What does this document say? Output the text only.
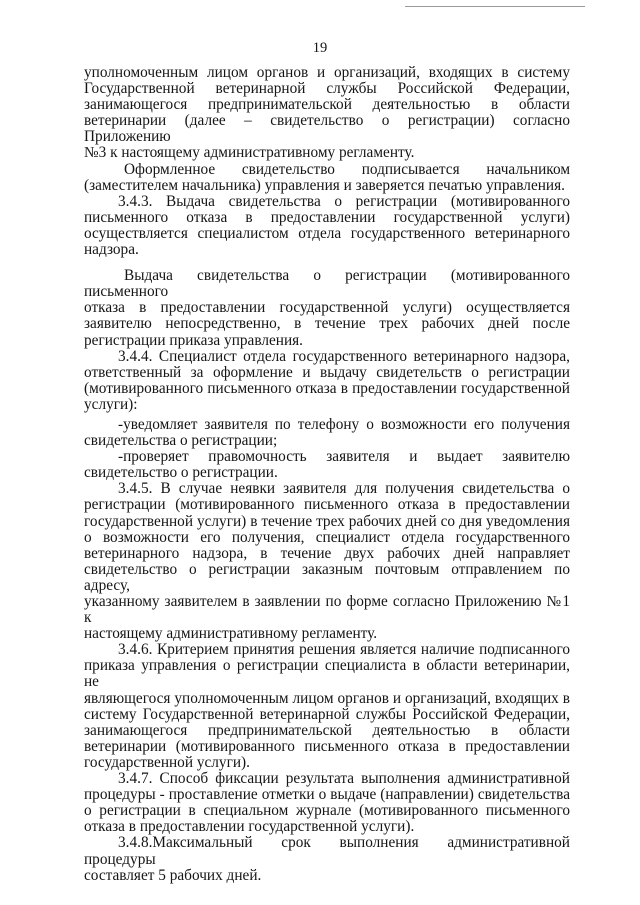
19

уполномоченным лицом органов и организаций, входящих в систему

Государственной ветеринарной службы Российской Федерации,

занимающегося предпринимательской деятельностью в области

ветеринарии (далее – свидетельство о регистрации) согласно Приложению

№3 к настоящему административному регламенту.

Оформленное свидетельство подписывается начальником

(заместителем начальника) управления и заверяется печатью управления.

3.4.3. Выдача свидетельства о регистрации (мотивированного

письменного отказа в предоставлении государственной услуги)

осуществляется специалистом отдела государственного ветеринарного

надзора.

Выдача свидетельства о регистрации (мотивированного письменного

отказа в предоставлении государственной услуги) осуществляется

заявителю непосредственно, в течение трех рабочих дней после

регистрации приказа управления.

3.4.4. Специалист отдела государственного ветеринарного надзора,

ответственный за оформление и выдачу свидетельств о регистрации

(мотивированного письменного отказа в предоставлении государственной

услуги):

-уведомляет заявителя по телефону о возможности его получения

свидетельства о регистрации;

-проверяет правомочность заявителя и выдает заявителю

свидетельство о регистрации.

3.4.5. В случае неявки заявителя для получения свидетельства о

регистрации (мотивированного письменного отказа в предоставлении

государственной услуги) в течение трех рабочих дней со дня уведомления

о возможности его получения, специалист отдела государственного

ветеринарного надзора, в течение двух рабочих дней направляет

свидетельство о регистрации заказным почтовым отправлением по адресу,

указанному заявителем в заявлении по форме согласно Приложению №1 к

настоящему административному регламенту.

3.4.6. Критерием принятия решения является наличие подписанного

приказа управления о регистрации специалиста в области ветеринарии, не

являющегося уполномоченным лицом органов и организаций, входящих в

систему Государственной ветеринарной службы Российской Федерации,

занимающегося предпринимательской деятельностью в области

ветеринарии (мотивированного письменного отказа в предоставлении

государственной услуги).

3.4.7. Способ фиксации результата выполнения административной

процедуры - проставление отметки о выдаче (направлении) свидетельства

о регистрации в специальном журнале (мотивированного письменного

отказа в предоставлении государственной услуги).

3.4.8.Максимальный срок выполнения административной процедуры

составляет 5 рабочих дней.
